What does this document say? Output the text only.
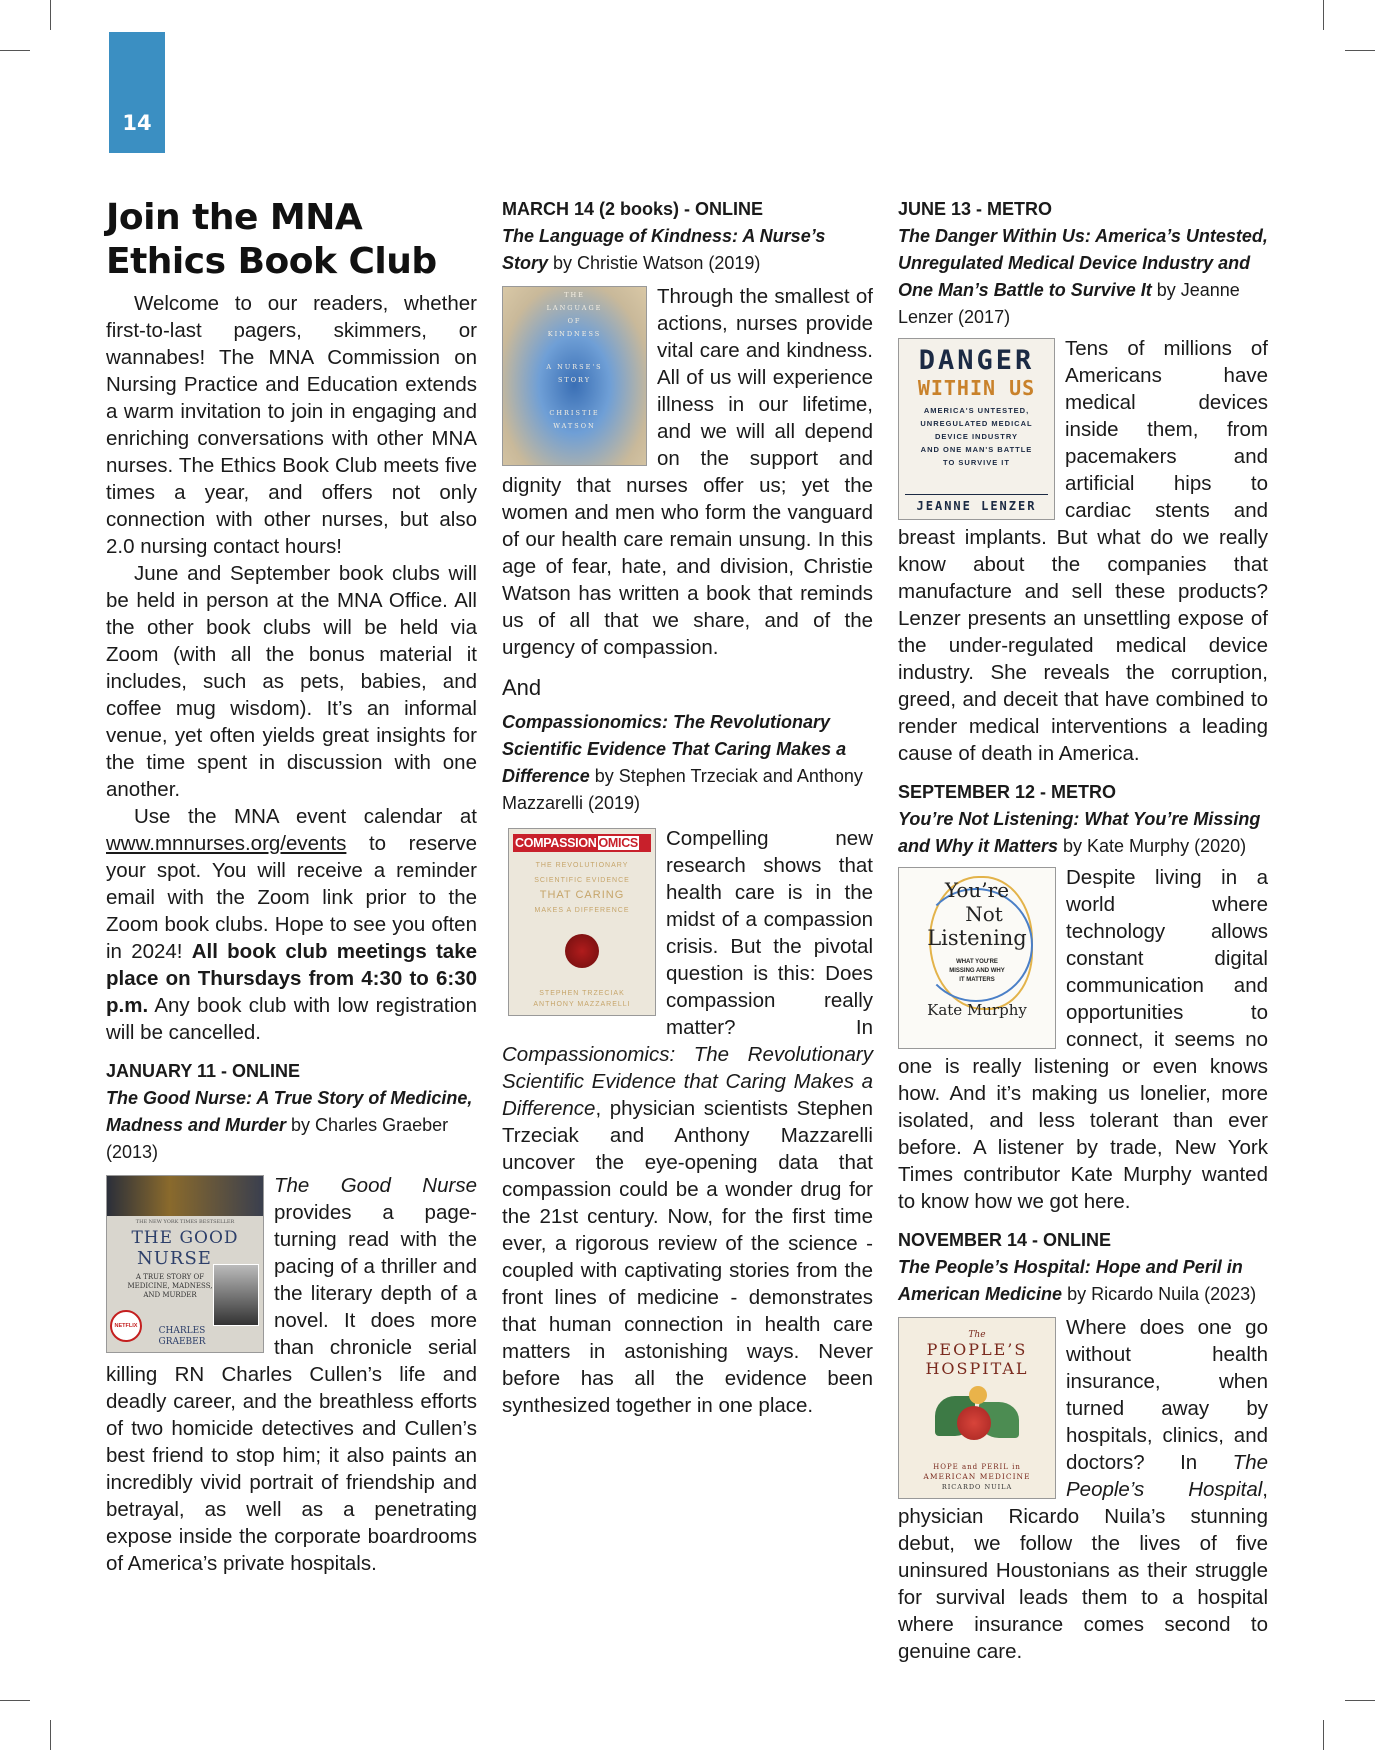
14
Join the MNA Ethics Book Club

Welcome to our readers, whether first-to-last pagers, skimmers, or wannabes! The MNA Commission on Nursing Practice and Education extends a warm invitation to join in engaging and enriching conversations with other MNA nurses. The Ethics Book Club meets five times a year, and offers not only connection with other nurses, but also 2.0 nursing contact hours!

June and September book clubs will be held in person at the MNA Office. All the other book clubs will be held via Zoom (with all the bonus material it includes, such as pets, babies, and coffee mug wisdom). It’s an informal venue, yet often yields great insights for the time spent in discussion with one another.

Use the MNA event calendar at www.mnnurses.org/events to reserve your spot. You will receive a reminder email with the Zoom link prior to the Zoom book clubs. Hope to see you often in 2024! All book club meetings take place on Thursdays from 4:30 to 6:30 p.m. Any book club with low registration will be cancelled.

JANUARY 11 - ONLINE

The Good Nurse: A True Story of Medicine, Madness and Murder by Charles Graeber (2013)

THE NEW YORK TIMES BESTSELLER
THE GOOD
NURSE
A TRUE STORY OF MEDICINE, MADNESS, AND MURDER
NETFLIX	CHARLES GRAEBER

The Good Nurse provides a page-turning read with the pacing of a thriller and the literary depth of a novel. It does more than chronicle serial killing RN Charles Cullen’s life and deadly career, and the breathless efforts of two homicide detectives and Cullen’s best friend to stop him; it also paints an incredibly vivid portrait of friendship and betrayal, as well as a penetrating expose inside the corporate boardrooms of America’s private hospitals.

MARCH 14 (2 books) - ONLINE

The Language of Kindness: A Nurse’s Story by Christie Watson (2019)

THE
LANGUAGE
OF
KINDNESS
A NURSE'S
STORY
CHRISTIE
WATSON

Through the smallest of actions, nurses provide vital care and kindness. All of us will experience illness in our lifetime, and we will all depend on the support and dignity that nurses offer us; yet the women and men who form the vanguard of our health care remain unsung. In this age of fear, hate, and division, Christie Watson has written a book that reminds us of all that we share, and of the urgency of compassion.

And

Compassionomics: The Revolutionary Scientific Evidence That Caring Makes a Difference by Stephen Trzeciak and Anthony Mazzarelli (2019)

COMPASSION OMICS
THE REVOLUTIONARY
SCIENTIFIC EVIDENCE
THAT CARING
MAKES A DIFFERENCE
STEPHEN TRZECIAK
ANTHONY MAZZARELLI

Compelling new research shows that health care is in the midst of a compassion crisis. But the pivotal question is this: Does compassion really matter? In Compassionomics: The Revolutionary Scientific Evidence that Caring Makes a Difference, physician scientists Stephen Trzeciak and Anthony Mazzarelli uncover the eye-opening data that compassion could be a wonder drug for the 21st century. Now, for the first time ever, a rigorous review of the science - coupled with captivating stories from the front lines of medicine - demonstrates that human connection in health care matters in astonishing ways. Never before has all the evidence been synthesized together in one place.

JUNE 13 - METRO

The Danger Within Us: America’s Untested, Unregulated Medical Device Industry and One Man’s Battle to Survive It by Jeanne Lenzer (2017)

DANGER
WITHIN US
AMERICA'S UNTESTED,
UNREGULATED MEDICAL
DEVICE INDUSTRY
AND ONE MAN'S BATTLE
TO SURVIVE IT
JEANNE LENZER

Tens of millions of Americans have medical devices inside them, from pacemakers and artificial hips to cardiac stents and breast implants. But what do we really know about the companies that manufacture and sell these products? Lenzer presents an unsettling expose of the under-regulated medical device industry. She reveals the corruption, greed, and deceit that have combined to render medical interventions a leading cause of death in America.

SEPTEMBER 12 - METRO

You’re Not Listening: What You’re Missing and Why it Matters by Kate Murphy (2020)

You’re
Not
Listening
WHAT YOU'RE
MISSING AND WHY
IT MATTERS
Kate Murphy

Despite living in a world where technology allows constant digital communication and opportunities to connect, it seems no one is really listening or even knows how. And it’s making us lonelier, more isolated, and less tolerant than ever before. A listener by trade, New York Times contributor Kate Murphy wanted to know how we got here.

NOVEMBER 14 - ONLINE

The People’s Hospital: Hope and Peril in American Medicine by Ricardo Nuila (2023)

The
PEOPLE’S
HOSPITAL
HOPE and PERIL in
AMERICAN MEDICINE
RICARDO NUILA

Where does one go without health insurance, when turned away by hospitals, clinics, and doctors? In The People’s Hospital, physician Ricardo Nuila’s stunning debut, we follow the lives of five uninsured Houstonians as their struggle for survival leads them to a hospital where insurance comes second to genuine care.
